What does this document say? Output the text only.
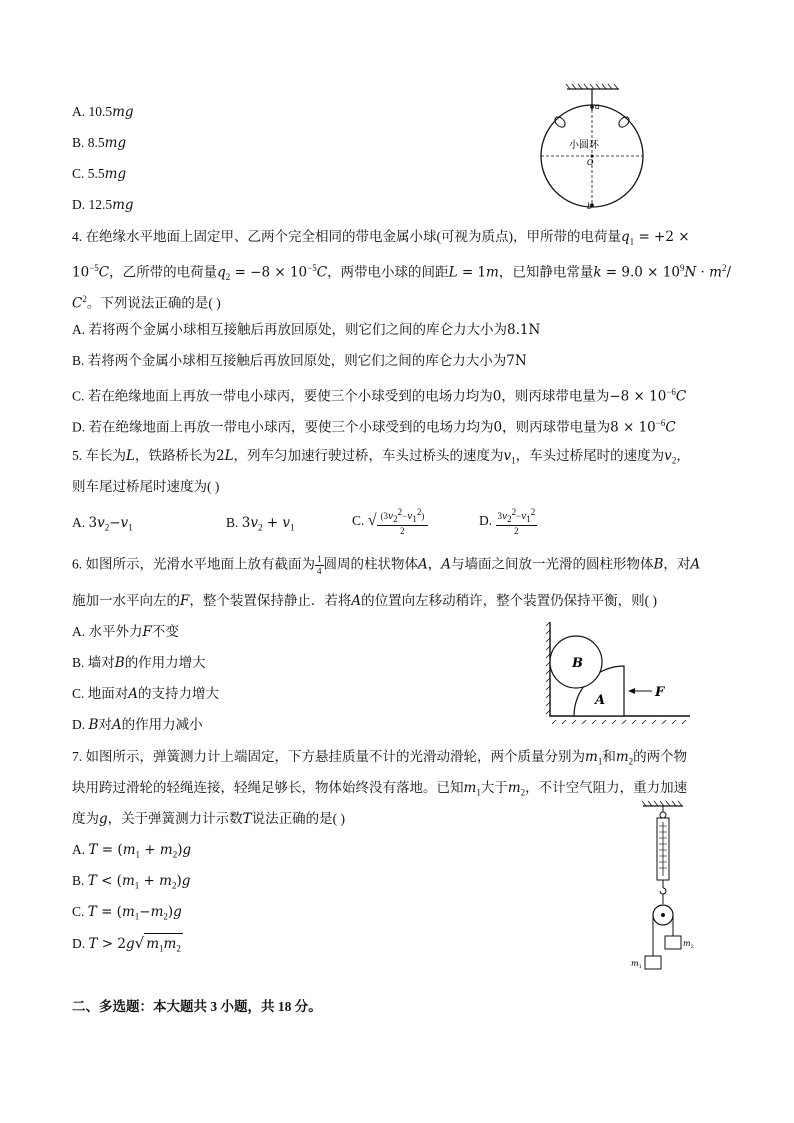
A. 10.5mg
B. 8.5mg
C. 5.5mg
D. 12.5mg
a
b
O
小圆环
4. 在绝缘水平地面上固定甲、乙两个完全相同的带电金属小球(可视为质点)，甲所带的电荷量$q_1 = +2$ ×
$10^{-5}C$，乙所带的电荷量$q_2 = -8 \times 10^{-5}C$，两带电小球的间距L = 1m，已知静电常量$k = 9.0 \times 10^9N \cdot m^2/$
$C^2$。下列说法正确的是( )
A. 若将两个金属小球相互接触后再放回原处，则它们之间的库仑力大小为8.1N
B. 若将两个金属小球相互接触后再放回原处，则它们之间的库仑力大小为7N
C. 若在绝缘地面上再放一带电小球丙，要使三个小球受到的电场力均为0，则丙球带电量为$-8 \times 10^{-6}C$
D. 若在绝缘地面上再放一带电小球丙，要使三个小球受到的电场力均为0，则丙球带电量为$8 \times 10^{-6}C$
5. 车长为L，铁路桥长为2L，列车匀加速行驶过桥，车头过桥头的速度为$v_1$，车头过桥尾时的速度为$v_2$，
则车尾过桥尾时速度为( )
A. $3v_2-v_1$	B. $3v_2 + v_1$	C. √ $\frac{(3v_2^2-v_1^2)}{2}$	D. $\frac{3v_2^2-v_1^2}{2}$
6. 如图所示，光滑水平地面上放有截面为 $\frac{1}{4}$ 圆周的柱状物体A，A与墙面之间放一光滑的圆柱形物体B，对A
施加一水平向左的F，整个装置保持静止．若将A的位置向左移动稍许，整个装置仍保持平衡，则( )
A. 水平外力F不变
B. 墙对B的作用力增大
C. 地面对A的支持力增大
D. B对A的作用力减小
B
A
F
7. 如图所示，弹簧测力计上端固定，下方悬挂质量不计的光滑动滑轮，两个质量分别为$m_1$和$m_2$的两个物
块用跨过滑轮的轻绳连接，轻绳足够长，物体始终没有落地。已知$m_1$大于$m_2$，不计空气阻力，重力加速
度为g，关于弹簧测力计示数T说法正确的是( )
A. $T = (m_1 + m_2)g$
B. $T < (m_1 + m_2)g$
C. $T = (m_1-m_2)g$
D. T > 2g√ $m_1m_2$
$m_1$
$m_2$
二、多选题：本大题共 3 小题，共 18 分。
